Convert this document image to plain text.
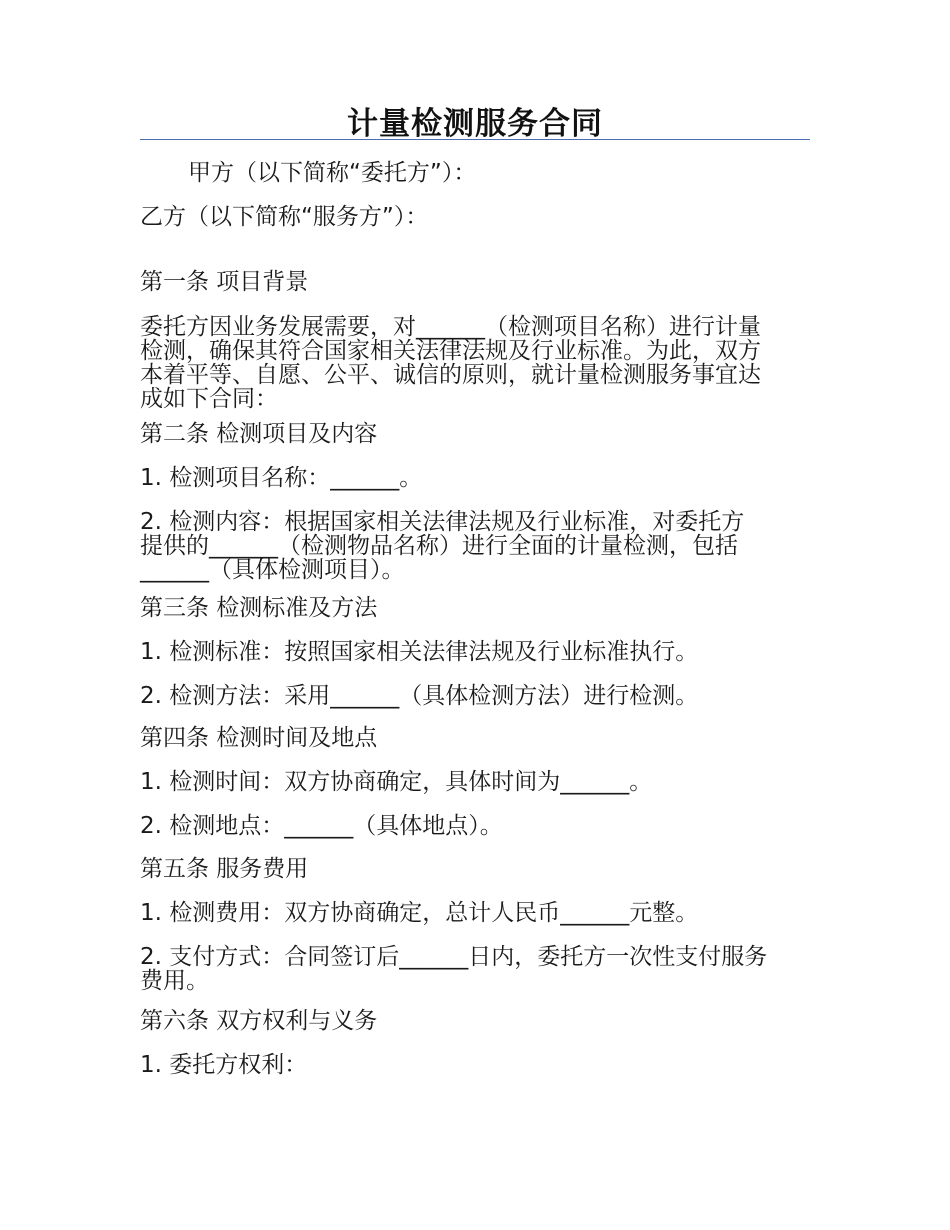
计量检测服务合同
甲方（以下简称“委托方”）：
乙方（以下简称“服务方”）：
第一条 项目背景
委托方因业务发展需要，对______（检测项目名称）进行计量
检测，确保其符合国家相关法律法规及行业标准。为此，双方
本着平等、自愿、公平、诚信的原则，就计量检测服务事宜达
成如下合同：
第二条 检测项目及内容
1. 检测项目名称：______。
2. 检测内容：根据国家相关法律法规及行业标准，对委托方
提供的______（检测物品名称）进行全面的计量检测，包括
______（具体检测项目）。
第三条 检测标准及方法
1. 检测标准：按照国家相关法律法规及行业标准执行。
2. 检测方法：采用______（具体检测方法）进行检测。
第四条 检测时间及地点
1. 检测时间：双方协商确定，具体时间为______。
2. 检测地点：______（具体地点）。
第五条 服务费用
1. 检测费用：双方协商确定，总计人民币______元整。
2. 支付方式：合同签订后______日内，委托方一次性支付服务
费用。
第六条 双方权利与义务
1. 委托方权利：
